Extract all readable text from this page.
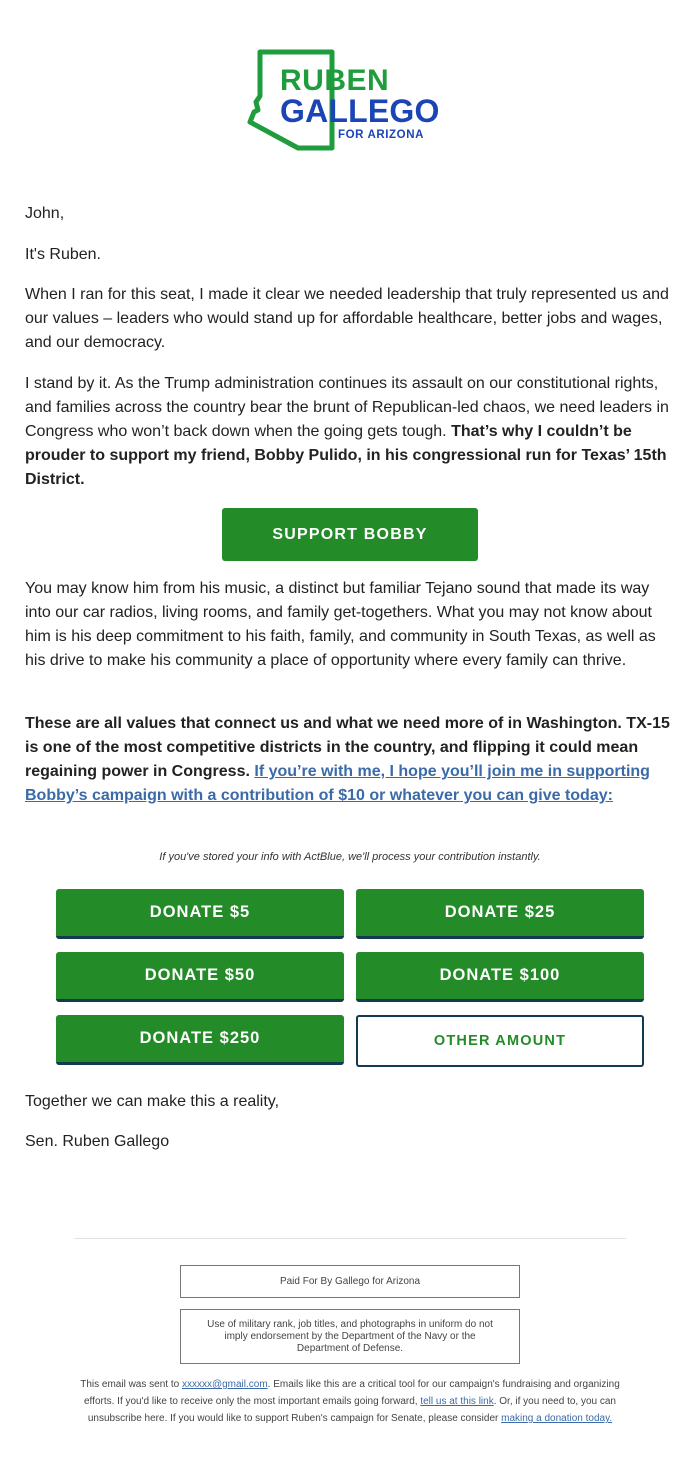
RUBEN
GALLEGO
FOR ARIZONA
John,
It's Ruben.
When I ran for this seat, I made it clear we needed leadership that truly represented us and our values – leaders who would stand up for affordable healthcare, better jobs and wages, and our democracy.
I stand by it. As the Trump administration continues its assault on our constitutional rights, and families across the country bear the brunt of Republican-led chaos, we need leaders in Congress who won’t back down when the going gets tough. That’s why I couldn’t be prouder to support my friend, Bobby Pulido, in his congressional run for Texas’ 15th District.
SUPPORT BOBBY
You may know him from his music, a distinct but familiar Tejano sound that made its way into our car radios, living rooms, and family get-togethers. What you may not know about him is his deep commitment to his faith, family, and community in South Texas, as well as his drive to make his community a place of opportunity where every family can thrive.
These are all values that connect us and what we need more of in Washington. TX-15 is one of the most competitive districts in the country, and flipping it could mean regaining power in Congress. If you’re with me, I hope you’ll join me in supporting Bobby’s campaign with a contribution of $10 or whatever you can give today:
If you've stored your info with ActBlue, we'll process your contribution instantly.
DONATE $5	DONATE $25
DONATE $50	DONATE $100
DONATE $250	OTHER AMOUNT
Together we can make this a reality,
Sen. Ruben Gallego
Paid For By Gallego for Arizona
Use of military rank, job titles, and photographs in uniform do not imply endorsement by the Department of the Navy or the Department of Defense.
This email was sent to xxxxxx@gmail.com. Emails like this are a critical tool for our campaign's fundraising and organizing efforts. If you'd like to receive only the most important emails going forward, tell us at this link. Or, if you need to, you can unsubscribe here. If you would like to support Ruben's campaign for Senate, please consider making a donation today.
